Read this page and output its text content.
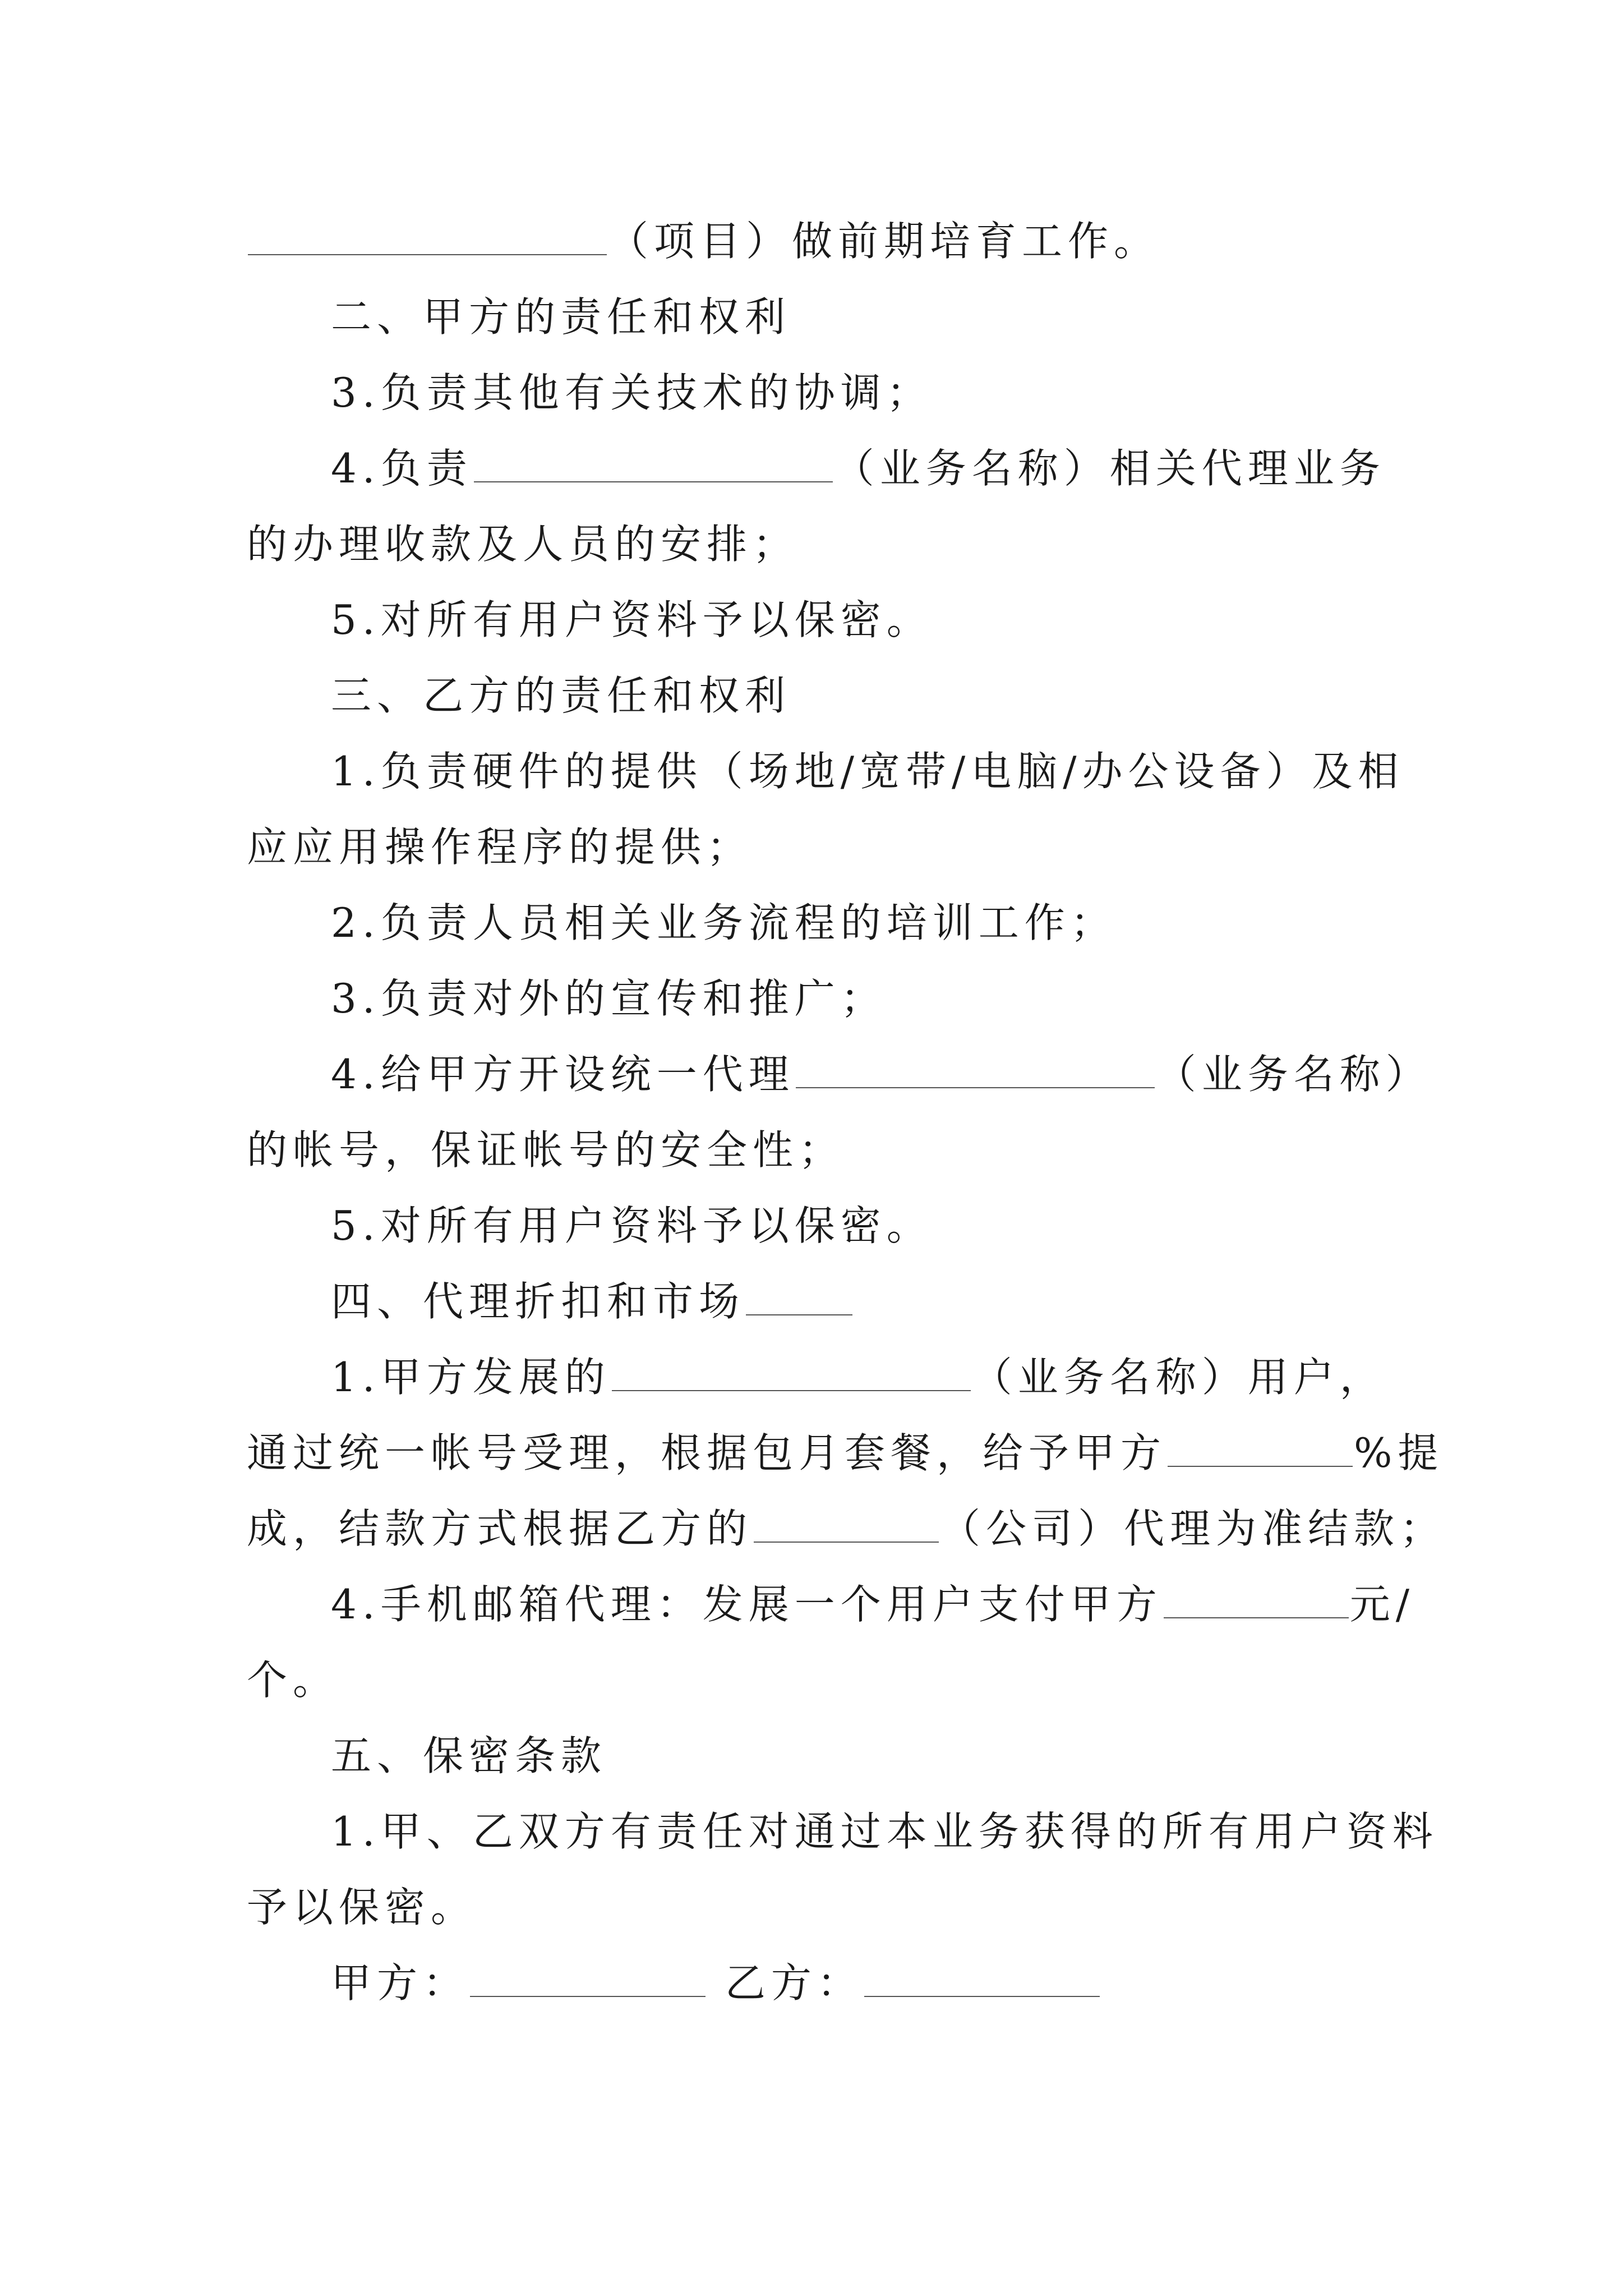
（项目）做前期培育工作。
二、甲方的责任和权利
3.负责其他有关技术的协调；
4.负责	（业务名称）相关代理业务
的办理收款及人员的安排；
5.对所有用户资料予以保密。
三、乙方的责任和权利
1.负责硬件的提供（场地/宽带/电脑/办公设备）及相
应应用操作程序的提供；
2.负责人员相关业务流程的培训工作；
3.负责对外的宣传和推广；
4.给甲方开设统一代理	（业务名称）
的帐号，保证帐号的安全性；
5.对所有用户资料予以保密。
四、代理折扣和市场
1.甲方发展的	（业务名称）用户，
通过统一帐号受理，根据包月套餐，给予甲方	%提
成，结款方式根据乙方的	（公司）代理为准结款；
4.手机邮箱代理：发展一个用户支付甲方	元/
个。
五、保密条款
1.甲、乙双方有责任对通过本业务获得的所有用户资料
予以保密。
甲方：	乙方：
